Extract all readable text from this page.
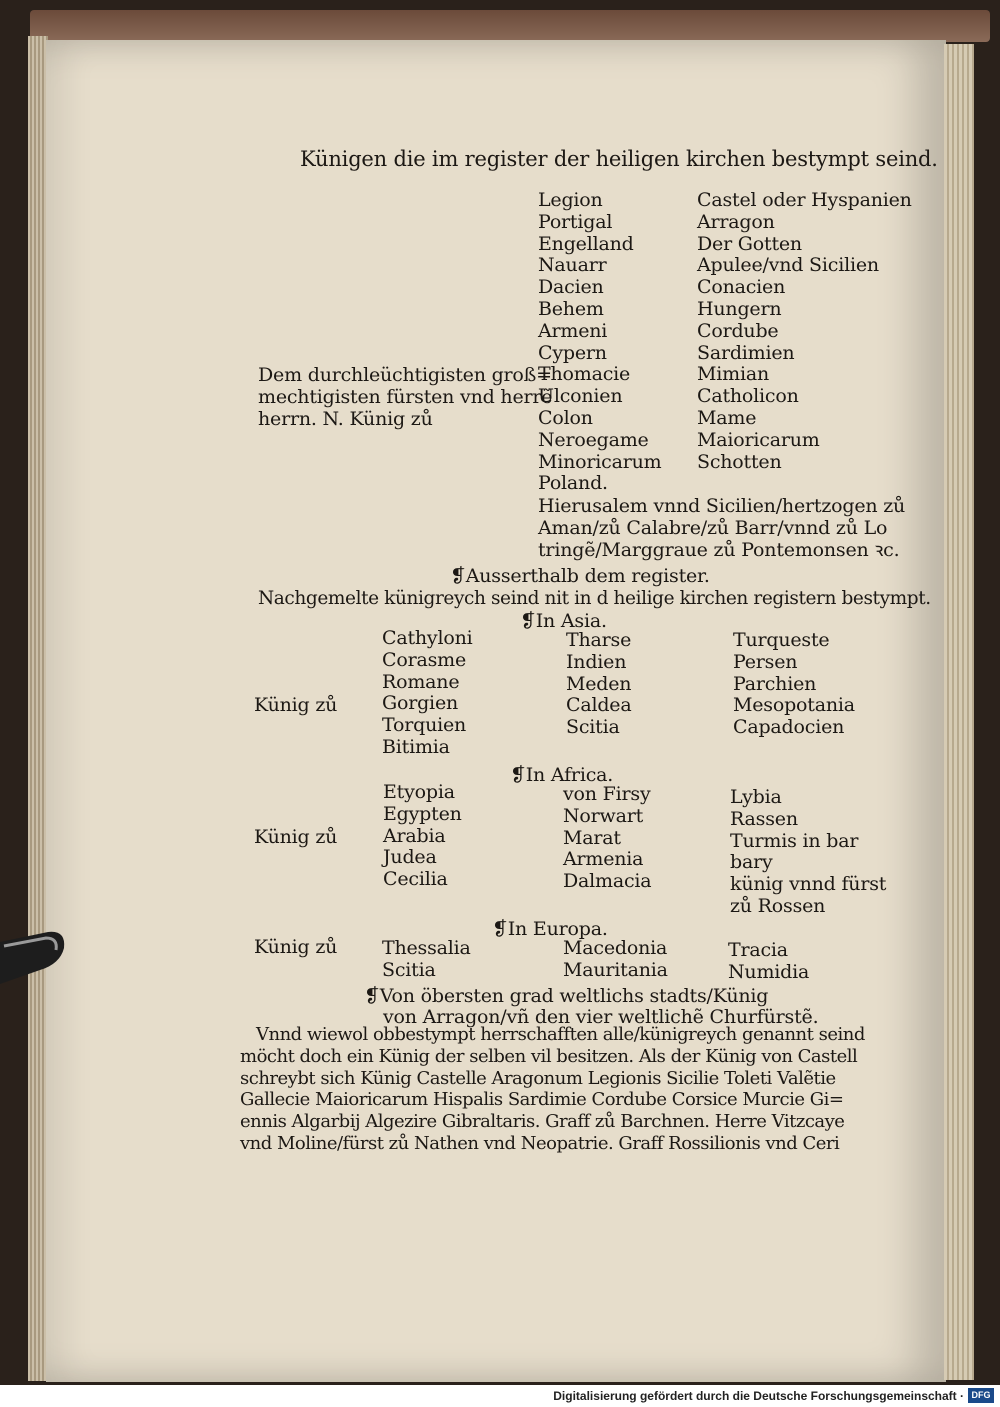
Künigen die im register der heiligen kirchen bestympt seind.
Legion
Portigal
Engelland
Nauarr
Dacien
Behem
Armeni
Cypern
Thomacie
Ulconien
Colon
Neroegame
Minoricarum
Poland.
Castel oder Hyspanien
Arragon
Der Gotten
Apulee/vnd Sicilien
Conacien
Hungern
Cordube
Sardimien
Mimian
Catholicon
Mame
Maioricarum
Schotten
Dem durchleüchtigisten groß=
mechtigisten fürsten vnd herrẽ
herrn. N. Künig zů
Hierusalem vnnd Sicilien/hertzogen zů
Aman/zů Calabre/zů Barr/vnnd zů Lo
tringẽ/Marggraue zů Pontemonsen ꝛc.
❡Ausserthalb dem register.
Nachgemelte künigreych seind nit in d heilige kirchen registern bestympt.
❡In Asia.
Cathyloni
Corasme
Romane
Gorgien
Torquien
Bitimia
Tharse
Indien
Meden
Caldea
Scitia
Turqueste
Persen
Parchien
Mesopotania
Capadocien
Künig zů
❡In Africa.
Etyopia
Egypten
Arabia
Judea
Cecilia
von Firsy
Norwart
Marat
Armenia
Dalmacia
Lybia
Rassen
Turmis in bar
bary
künig vnnd fürst
zů Rossen
Künig zů
❡In Europa.
Künig zů Thessalia
Scitia
Macedonia
Mauritania
Tracia
Numidia
❡Von öbersten grad weltlichs stadts/Künig
von Arragon/vñ den vier weltlichẽ Churfürstẽ.
Vnnd wiewol obbestympt herrschafften alle/künigreych genannt seind
möcht doch ein Künig der selben vil besitzen. Als der Künig von Castell
schreybt sich Künig Castelle Aragonum Legionis Sicilie Toleti Valẽtie
Gallecie Maioricarum Hispalis Sardimie Cordube Corsice Murcie Gi=
ennis Algarbij Algezire Gibraltaris. Graff zů Barchnen. Herre Vitzcaye
vnd Moline/fürst zů Nathen vnd Neopatrie. Graff Rossilionis vnd Ceri
Digitalisierung gefördert durch die Deutsche Forschungsgemeinschaft · DFG
